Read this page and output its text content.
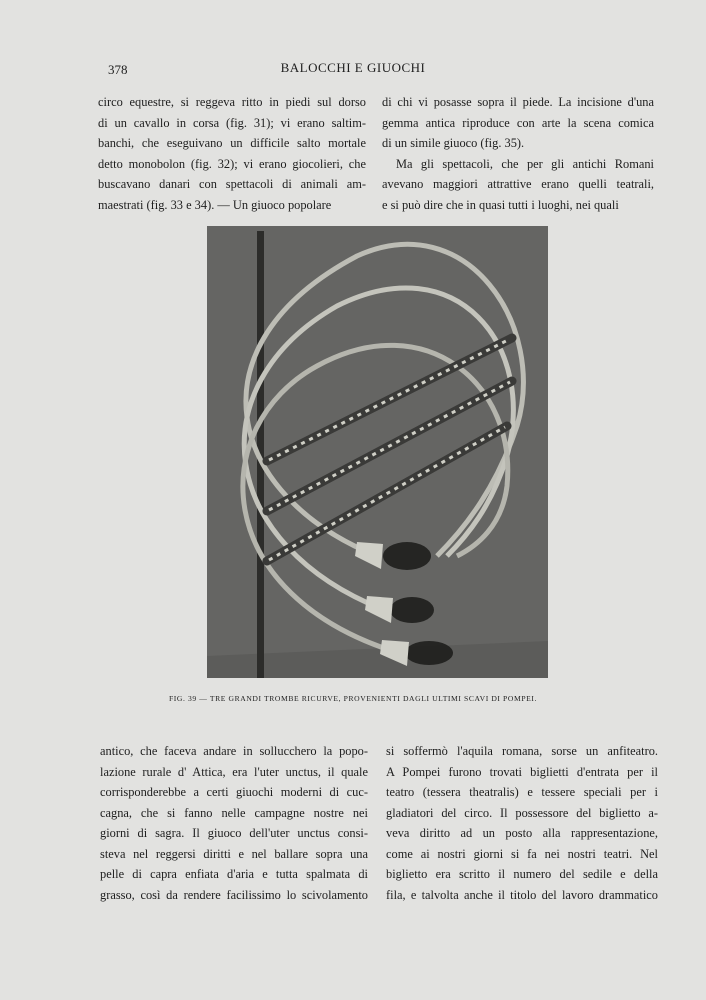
378	BALOCCHI E GIUOCHI
circo equestre, si reggeva ritto in piedi sul dorso
di un cavallo in corsa (fig. 31); vi erano saltim-
banchi, che eseguivano un difficile salto mortale
detto monobolon (fig. 32); vi erano giocolieri, che
buscavano danari con spettacoli di animali am-
maestrati (fig. 33 e 34). — Un giuoco popolare
di chi vi posasse sopra il piede. La incisione d'una
gemma antica riproduce con arte la scena comica
di un simile giuoco (fig. 35).
Ma gli spettacoli, che per gli antichi Romani
avevano maggiori attrattive erano quelli teatrali,
e si può dire che in quasi tutti i luoghi, nei quali
FIG. 39 — TRE GRANDI TROMBE RICURVE, PROVENIENTI DAGLI ULTIMI SCAVI DI POMPEI.
antico, che faceva andare in sollucchero la popo-
lazione rurale d' Attica, era l'uter unctus, il quale
corrisponderebbe a certi giuochi moderni di cuc-
cagna, che si fanno nelle campagne nostre nei
giorni di sagra. Il giuoco dell'uter unctus consi-
steva nel reggersi diritti e nel ballare sopra una
pelle di capra enfiata d'aria e tutta spalmata di
grasso, così da rendere facilissimo lo scivolamento
si soffermò l'aquila romana, sorse un anfiteatro.
A Pompei furono trovati biglietti d'entrata per il
teatro (tessera theatralis) e tessere speciali per i
gladiatori del circo. Il possessore del biglietto a-
veva diritto ad un posto alla rappresentazione,
come ai nostri giorni si fa nei nostri teatri. Nel
biglietto era scritto il numero del sedile e della
fila, e talvolta anche il titolo del lavoro drammatico
